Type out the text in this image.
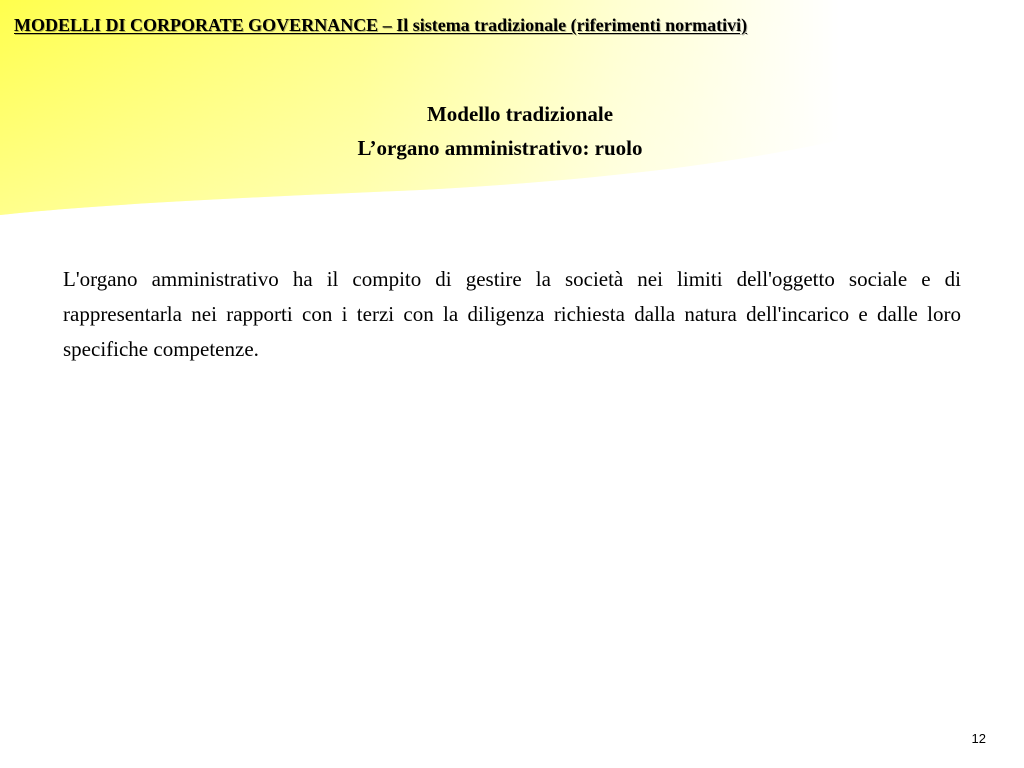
MODELLI DI CORPORATE GOVERNANCE – Il sistema tradizionale (riferimenti normativi)
Modello tradizionale
L’organo amministrativo: ruolo
L'organo amministrativo ha il compito di gestire la società nei limiti dell'oggetto sociale e di rappresentarla nei rapporti con i terzi con la diligenza richiesta dalla natura dell'incarico e dalle loro specifiche competenze.
12
